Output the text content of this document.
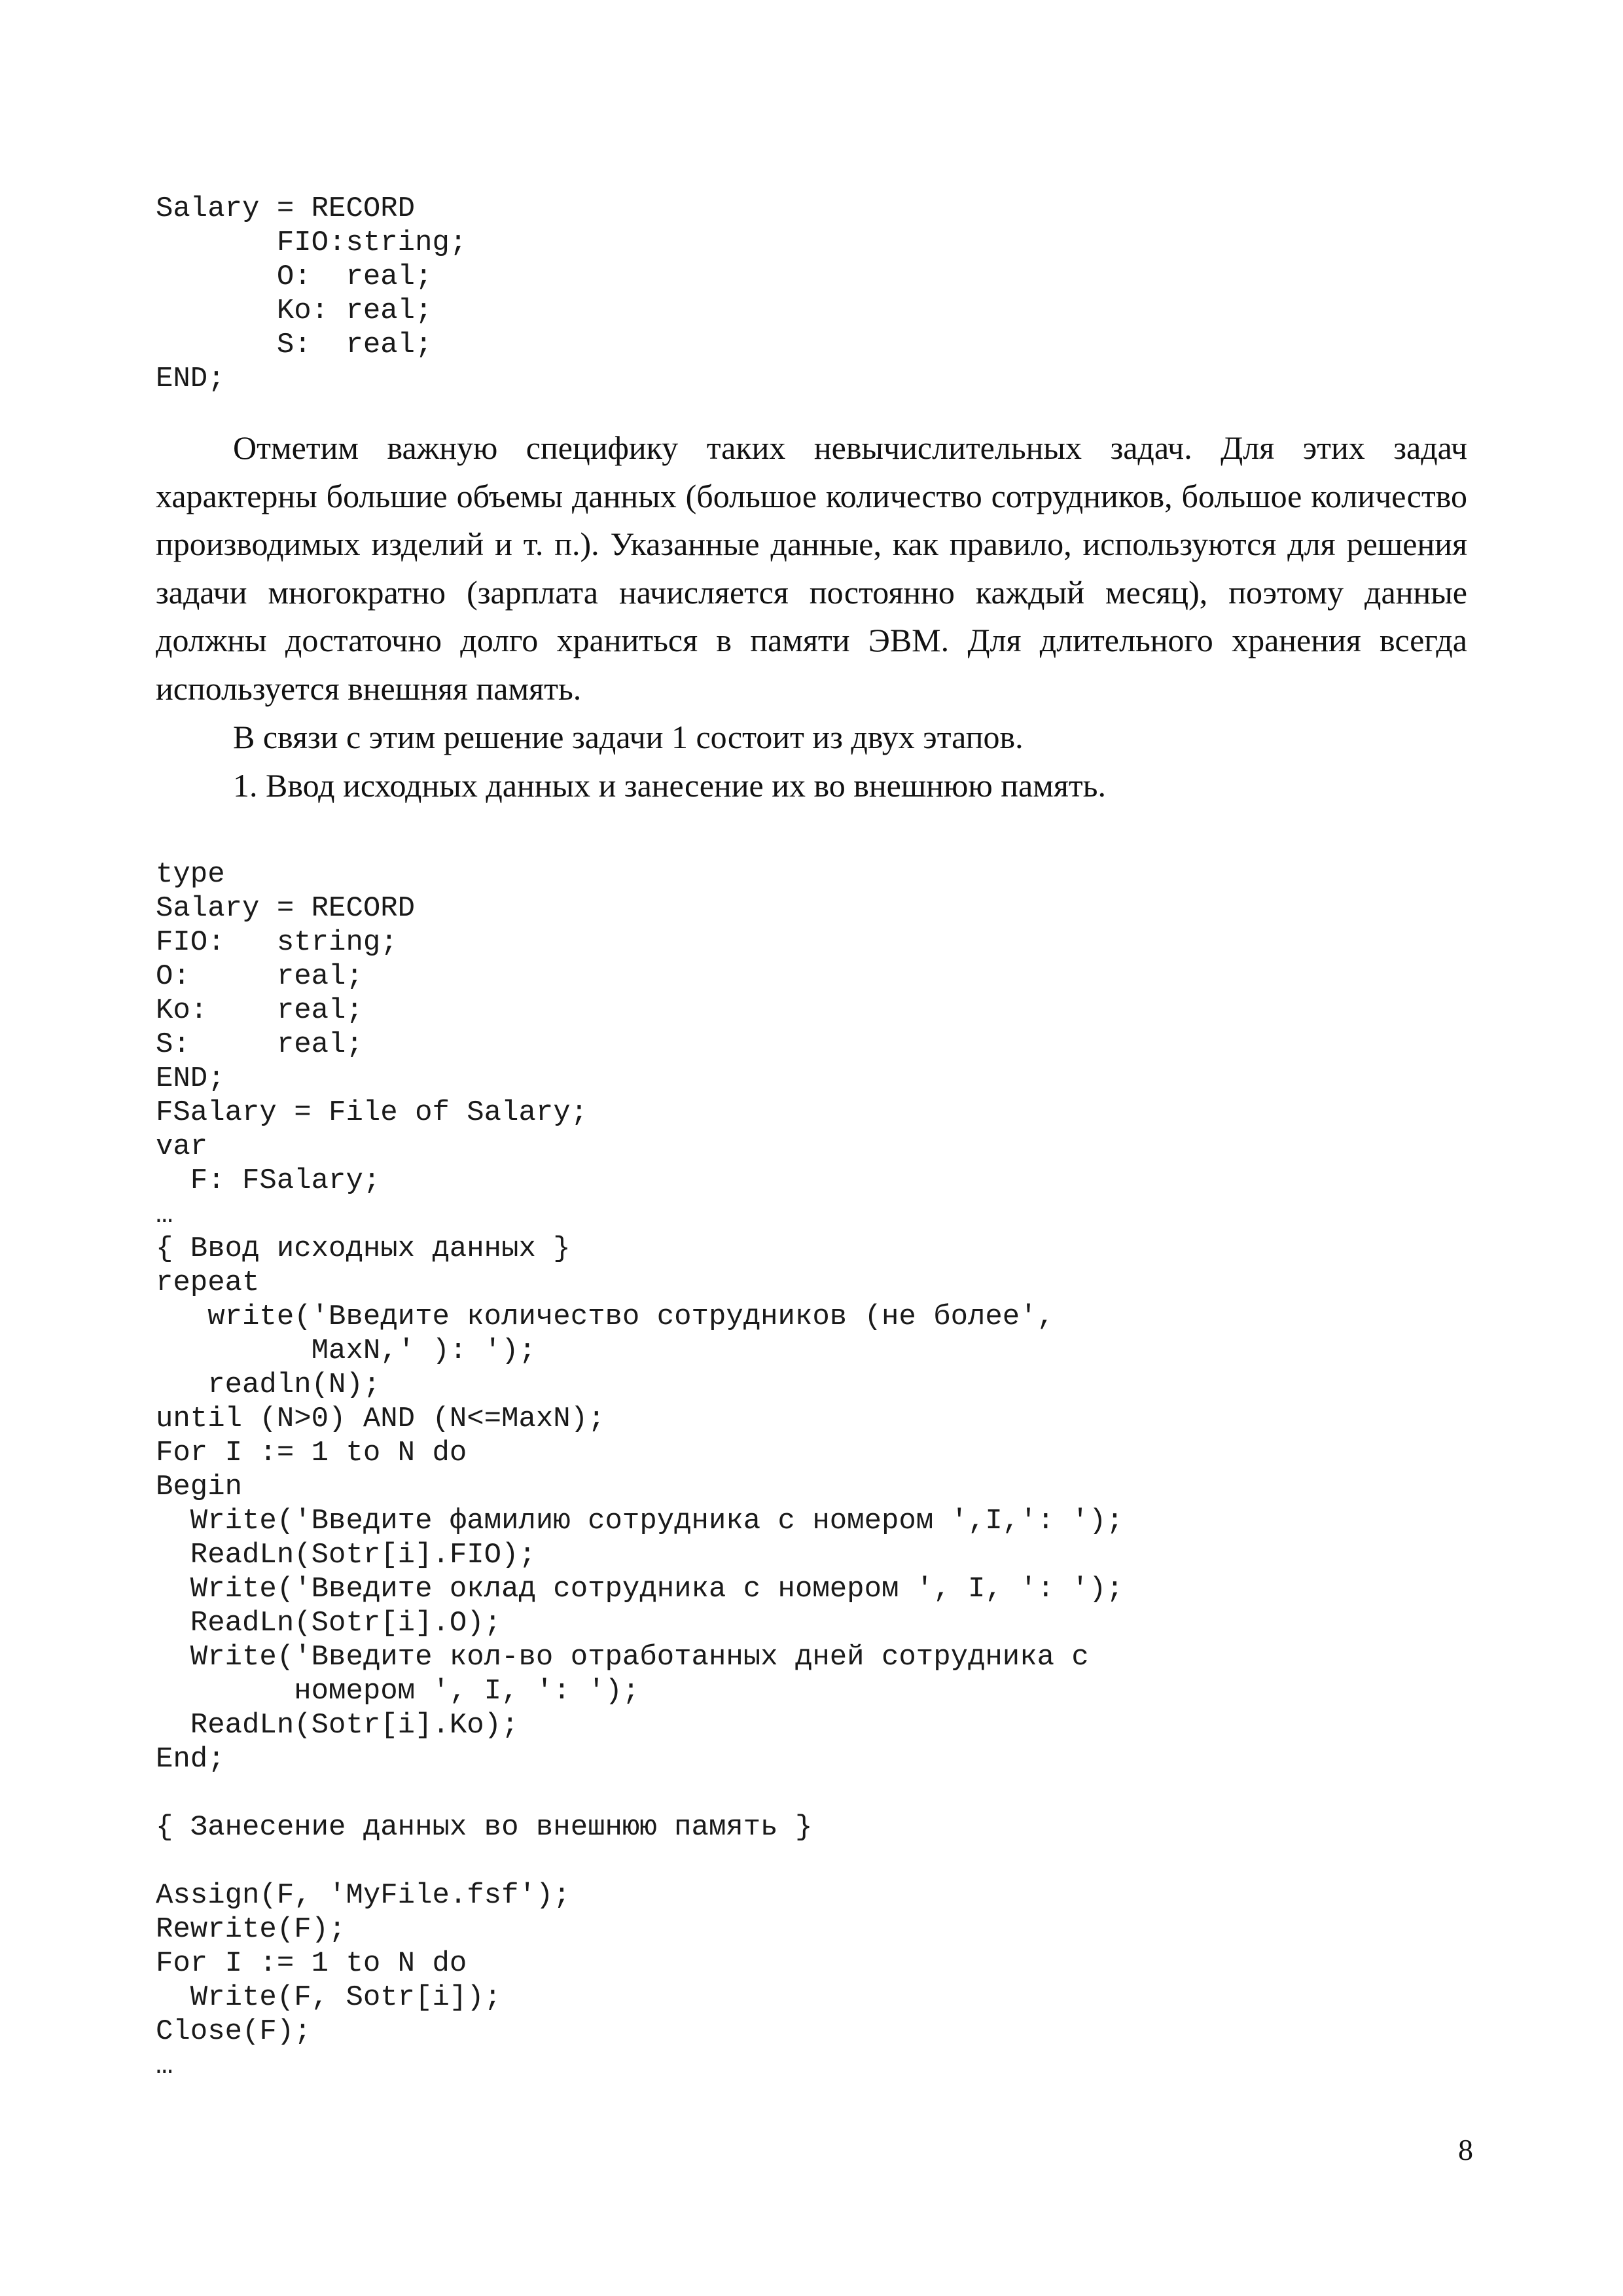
Salary = RECORD
FIO:string;
O:  real;
Ko: real;
S:  real;
END;

Отметим важную специфику таких невычислительных задач. Для этих задач характерны большие объемы данных (большое количество сотрудников, большое количество производимых изделий и т. п.). Указанные данные, как правило, используются для решения задачи многократно (зарплата начисляется постоянно каждый месяц), поэтому данные должны достаточно долго храниться в памяти ЭВМ. Для длительного хранения всегда используется внешняя память.

В связи с этим решение задачи 1 состоит из двух этапов.

1. Ввод исходных данных и занесение их во внешнюю память.

type
Salary = RECORD
FIO:   string;
O:     real;
Ko:    real;
S:     real;
END;
FSalary = File of Salary;
var
F: FSalary;
…
{ Ввод исходных данных }
repeat
write('Введите количество сотрудников (не более',
MaxN,' ): ');
readln(N);
until (N>0) AND (N<=MaxN);
For I := 1 to N do
Begin
Write('Введите фамилию сотрудника с номером ',I,': ');
ReadLn(Sotr[i].FIO);
Write('Введите оклад сотрудника с номером ', I, ': ');
ReadLn(Sotr[i].O);
Write('Введите кол-во отработанных дней сотрудника с
номером ', I, ': ');
ReadLn(Sotr[i].Ko);
End;
{ Занесение данных во внешнюю память }
Assign(F, 'MyFile.fsf');
Rewrite(F);
For I := 1 to N do
Write(F, Sotr[i]);
Close(F);
…
8
